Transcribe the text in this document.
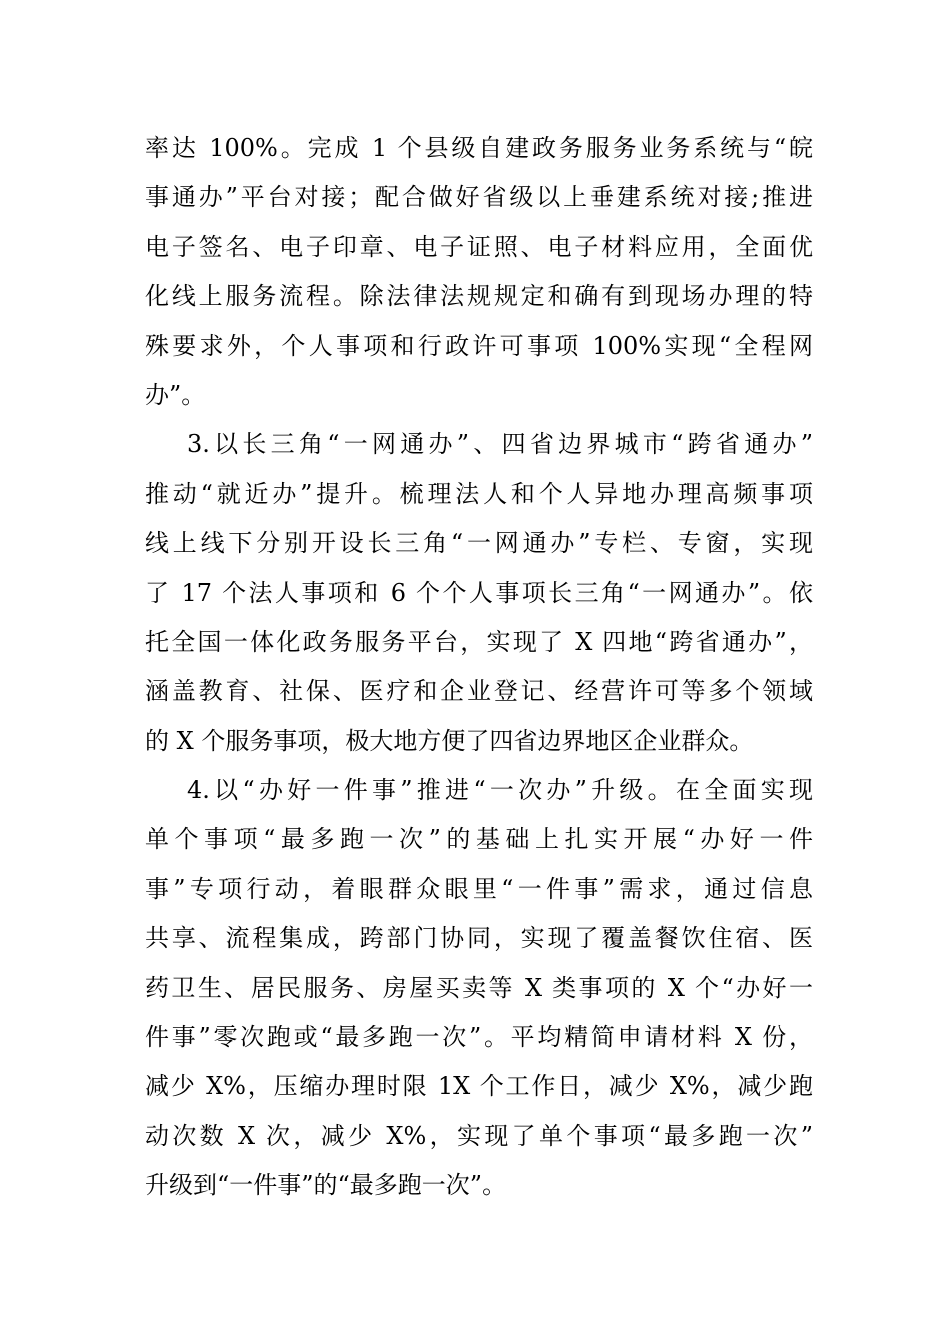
率达 100%。完成 1 个县级自建政务服务业务系统与“皖
事通办”平台对接；配合做好省级以上垂建系统对接;推进
电子签名、电子印章、电子证照、电子材料应用，全面优
化线上服务流程。除法律法规规定和确有到现场办理的特
殊要求外，个人事项和行政许可事项 100%实现“全程网
办”。
3.以长三角“一网通办”、四省边界城市“跨省通办”
推动“就近办”提升。梳理法人和个人异地办理高频事项
线上线下分别开设长三角“一网通办”专栏、专窗，实现
了 17 个法人事项和 6 个个人事项长三角“一网通办”。依
托全国一体化政务服务平台，实现了 X 四地“跨省通办”，
涵盖教育、社保、医疗和企业登记、经营许可等多个领域
的 X 个服务事项，极大地方便了四省边界地区企业群众。
4.以“办好一件事”推进“一次办”升级。在全面实现
单个事项“最多跑一次”的基础上扎实开展“办好一件
事”专项行动，着眼群众眼里“一件事”需求，通过信息
共享、流程集成，跨部门协同，实现了覆盖餐饮住宿、医
药卫生、居民服务、房屋买卖等 X 类事项的 X 个“办好一
件事”零次跑或“最多跑一次”。平均精简申请材料 X 份，
减少 X%，压缩办理时限 1X 个工作日，减少 X%，减少跑
动次数 X 次，减少 X%，实现了单个事项“最多跑一次”
升级到“一件事”的“最多跑一次”。
